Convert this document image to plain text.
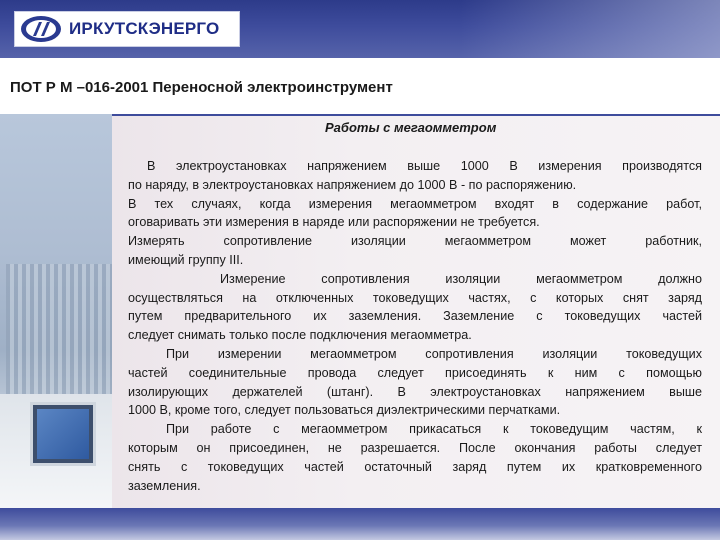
ИРКУТСКЭНЕРГО
ПОТ Р М –016-2001 Переносной электроинструмент
Работы с мегаомметром

В электроустановках напряжением выше 1000 В измерения производятся

по наряду, в электроустановках напряжением до 1000 В - по распоряжению.

В тех случаях, когда измерения мегаомметром входят в содержание работ,

оговаривать эти измерения в наряде или распоряжении не требуется.

Измерять сопротивление изоляции мегаомметром может работник,

имеющий группу III.

Измерение сопротивления изоляции мегаомметром должно

осуществляться на отключенных токоведущих частях, с которых снят заряд

путем предварительного их заземления. Заземление с токоведущих частей

следует снимать только после подключения мегаомметра.

При измерении мегаомметром сопротивления изоляции токоведущих

частей соединительные провода следует присоединять к ним с помощью

изолирующих держателей (штанг). В электроустановках напряжением выше

1000 В, кроме того, следует пользоваться диэлектрическими перчатками.

При работе с мегаомметром прикасаться к токоведущим частям, к

которым он присоединен, не разрешается. После окончания работы следует

снять с токоведущих частей остаточный заряд путем их кратковременного

заземления.
